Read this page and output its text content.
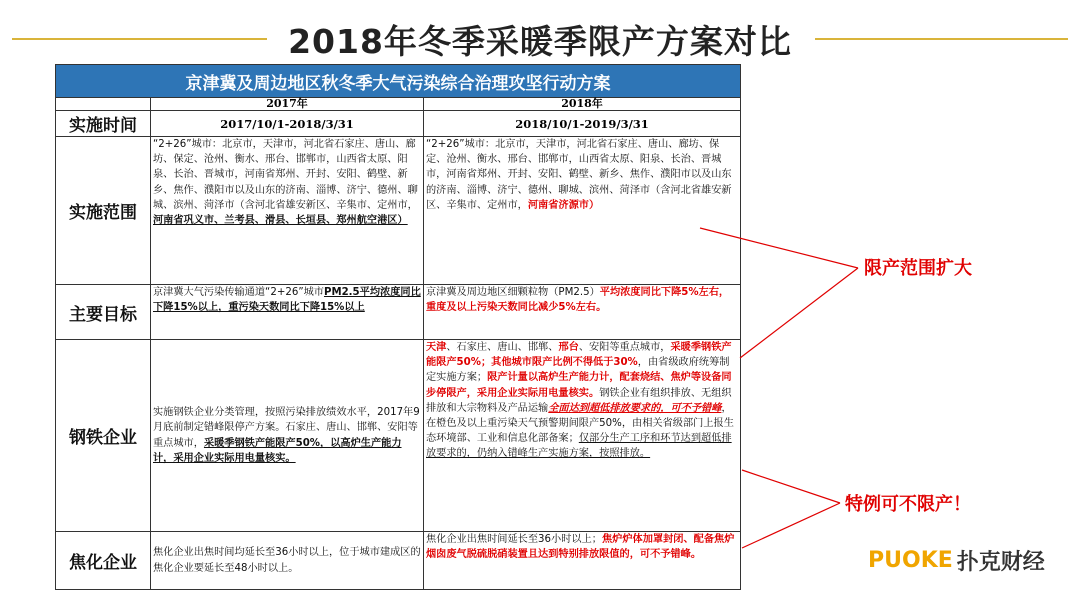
2018年冬季采暖季限产方案对比
京津冀及周边地区秋冬季大气污染综合治理攻坚行动方案		
	2017年	2018年
实施时间	2017/10/1-2018/3/31	2018/10/1-2019/3/31
实施范围	“2+26”城市：北京市，天津市，河北省石家庄、唐山、廊坊、保定、沧州、衡水、邢台、邯郸市，山西省太原、阳泉、长治、晋城市，河南省郑州、开封、安阳、鹤壁、新乡、焦作、濮阳市以及山东的济南、淄博、济宁、德州、聊城、滨州、菏泽市（含河北省雄安新区、辛集市、定州市，河南省巩义市、兰考县、滑县、长垣县、郑州航空港区）	“2+26”城市：北京市，天津市，河北省石家庄、唐山、廊坊、保定、沧州、衡水、邢台、邯郸市，山西省太原、阳泉、长治、晋城市，河南省郑州、开封、安阳、鹤壁、新乡、焦作、濮阳市以及山东的济南、淄博、济宁、德州、聊城、滨州、菏泽市（含河北省雄安新区、辛集市、定州市，河南省济源市）
主要目标	京津冀大气污染传输通道“2+26”城市PM2.5平均浓度同比下降15%以上，重污染天数同比下降15%以上	京津冀及周边地区细颗粒物（PM2.5）平均浓度同比下降5%左右，重度及以上污染天数同比减少5%左右。
钢铁企业	实施钢铁企业分类管理，按照污染排放绩效水平，2017年9月底前制定错峰限停产方案。石家庄、唐山、邯郸、安阳等重点城市，采暖季钢铁产能限产50%，以高炉生产能力计，采用企业实际用电量核实。	天津、石家庄、唐山、邯郸、邢台、安阳等重点城市，采暖季钢铁产能限产50%；其他城市限产比例不得低于30%，由省级政府统筹制定实施方案；限产计量以高炉生产能力计，配套烧结、焦炉等设备同步停限产，采用企业实际用电量核实。钢铁企业有组织排放、无组织排放和大宗物料及产品运输全面达到超低排放要求的，可不予错峰，在橙色及以上重污染天气预警期间限产50%，由相关省级部门上报生态环境部、工业和信息化部备案；仅部分生产工序和环节达到超低排放要求的，仍纳入错峰生产实施方案，按照排放。
焦化企业	焦化企业出焦时间均延长至36小时以上，位于城市建成区的焦化企业要延长至48小时以上。	焦化企业出焦时间延长至36小时以上；焦炉炉体加罩封闭、配备焦炉烟囱废气脱硫脱硝装置且达到特别排放限值的，可不予错峰。
限产范围扩大
特例可不限产！
PUOKE 扑克财经
